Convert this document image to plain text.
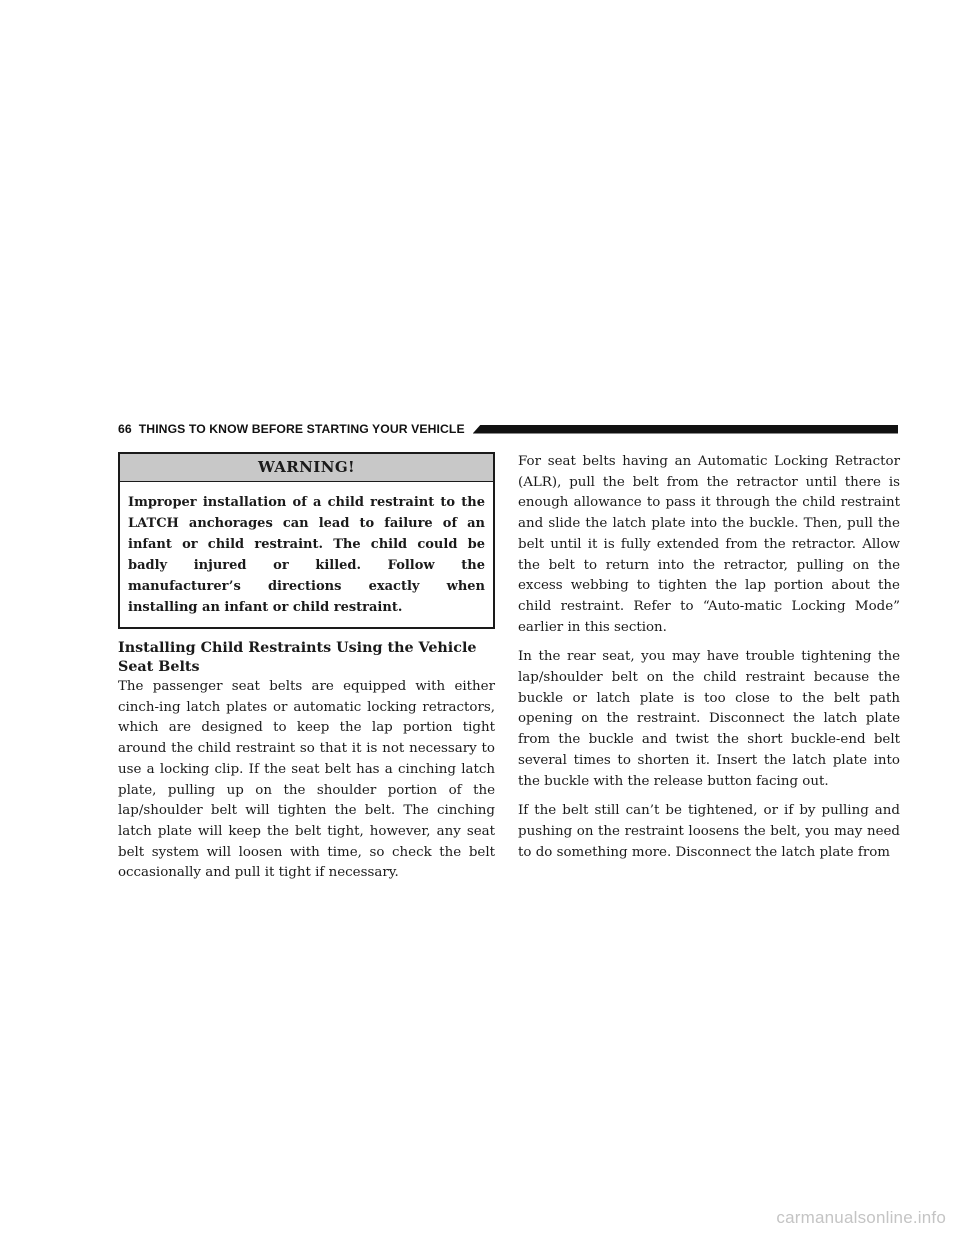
66 THINGS TO KNOW BEFORE STARTING YOUR VEHICLE
WARNING!
Improper installation of a child restraint to the LATCH anchorages can lead to failure of an infant or child restraint. The child could be badly injured or killed. Follow the manufacturer’s directions exactly when installing an infant or child restraint.
Installing Child Restraints Using the Vehicle Seat Belts

The passenger seat belts are equipped with either cinch-ing latch plates or automatic locking retractors, which are designed to keep the lap portion tight around the child restraint so that it is not necessary to use a locking clip. If the seat belt has a cinching latch plate, pulling up on the shoulder portion of the lap/shoulder belt will tighten the belt. The cinching latch plate will keep the belt tight, however, any seat belt system will loosen with time, so check the belt occasionally and pull it tight if necessary.

For seat belts having an Automatic Locking Retractor (ALR), pull the belt from the retractor until there is enough allowance to pass it through the child restraint and slide the latch plate into the buckle. Then, pull the belt until it is fully extended from the retractor. Allow the belt to return into the retractor, pulling on the excess webbing to tighten the lap portion about the child restraint. Refer to “Auto-matic Locking Mode” earlier in this section.

In the rear seat, you may have trouble tightening the lap/shoulder belt on the child restraint because the buckle or latch plate is too close to the belt path opening on the restraint. Disconnect the latch plate from the buckle and twist the short buckle-end belt several times to shorten it. Insert the latch plate into the buckle with the release button facing out.

If the belt still can’t be tightened, or if by pulling and pushing on the restraint loosens the belt, you may need to do something more. Disconnect the latch plate from

carmanualsonline.info
